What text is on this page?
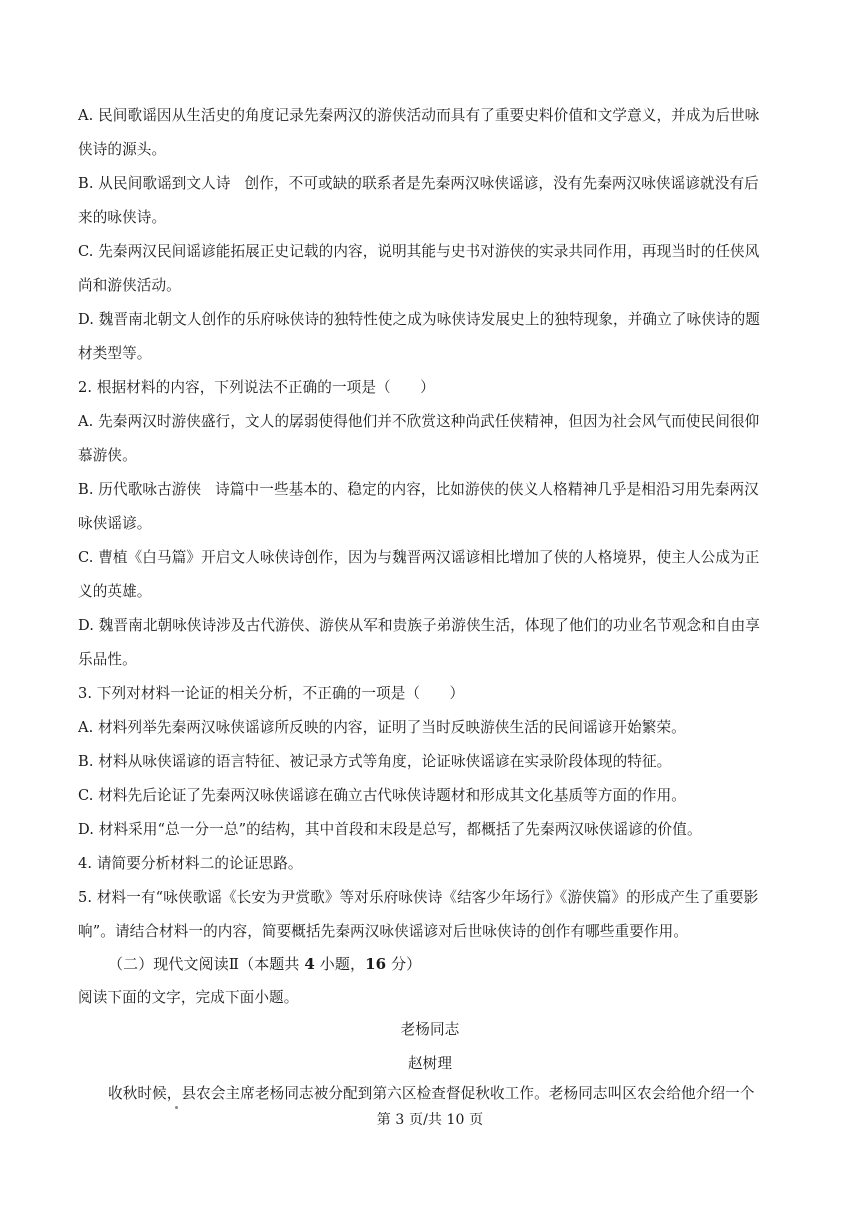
A. 民间歌谣因从生活史的角度记录先秦两汉的游侠活动而具有了重要史料价值和文学意义，并成为后世咏
侠诗的源头。
B. 从民间歌谣到文人诗 创作，不可或缺的联系者是先秦两汉咏侠谣谚，没有先秦两汉咏侠谣谚就没有后
来的咏侠诗。
C. 先秦两汉民间谣谚能拓展正史记载的内容，说明其能与史书对游侠的实录共同作用，再现当时的任侠风
尚和游侠活动。
D. 魏晋南北朝文人创作的乐府咏侠诗的独特性使之成为咏侠诗发展史上的独特现象，并确立了咏侠诗的题
材类型等。
2. 根据材料的内容，下列说法不正确的一项是（　　）
A. 先秦两汉时游侠盛行，文人的孱弱使得他们并不欣赏这种尚武任侠精神，但因为社会风气而使民间很仰
慕游侠。
B. 历代歌咏古游侠 诗篇中一些基本的、稳定的内容，比如游侠的侠义人格精神几乎是相沿习用先秦两汉
咏侠谣谚。
C. 曹植《白马篇》开启文人咏侠诗创作，因为与魏晋两汉谣谚相比增加了侠的人格境界，使主人公成为正
义的英雄。
D. 魏晋南北朝咏侠诗涉及古代游侠、游侠从军和贵族子弟游侠生活，体现了他们的功业名节观念和自由享
乐品性。
3. 下列对材料一论证的相关分析，不正确的一项是（　　）
A. 材料列举先秦两汉咏侠谣谚所反映的内容，证明了当时反映游侠生活的民间谣谚开始繁荣。
B. 材料从咏侠谣谚的语言特征、被记录方式等角度，论证咏侠谣谚在实录阶段体现的特征。
C. 材料先后论证了先秦两汉咏侠谣谚在确立古代咏侠诗题材和形成其文化基质等方面的作用。
D. 材料采用“总一分一总”的结构，其中首段和末段是总写，都概括了先秦两汉咏侠谣谚的价值。
4. 请简要分析材料二的论证思路。
5. 材料一有“咏侠歌谣《长安为尹赏歌》等对乐府咏侠诗《结客少年场行》《游侠篇》的形成产生了重要影
响”。请结合材料一的内容，简要概括先秦两汉咏侠谣谚对后世咏侠诗的创作有哪些重要作用。
（二）现代文阅读Ⅱ（本题共 4 小题，16 分）
阅读下面的文字，完成下面小题。
老杨同志
赵树理
收秋时候，县农会主席老杨同志被分配到第六区检查督促秋收工作。老杨同志叫区农会给他介绍一个
第 3 页/共 10 页
